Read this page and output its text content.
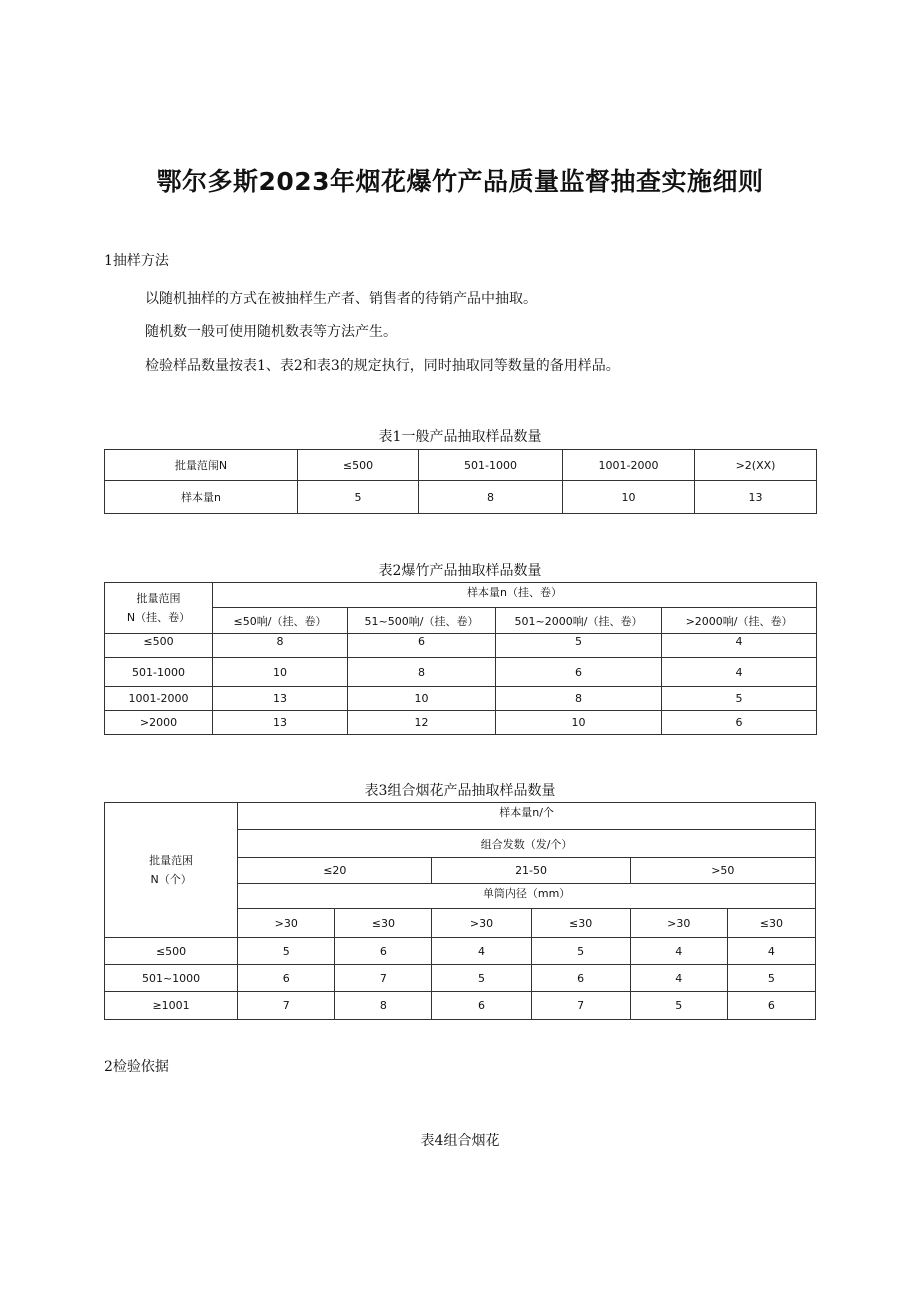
鄂尔多斯2023年烟花爆竹产品质量监督抽查实施细则
1抽样方法
以随机抽样的方式在被抽样生产者、销售者的待销产品中抽取。
随机数一般可使用随机数表等方法产生。
检验样品数量按表1、表2和表3的规定执行，同时抽取同等数量的备用样品。
表1一般产品抽取样品数量
批量范闱N	≤500	501-1000	1001-2000	>2(XX)
样本量n	5	8	10	13
表2爆竹产品抽取样品数量
批量范围
N（挂、卷）	样本量n（挂、卷）			
	≤50响/（挂、卷）	51~500响/（挂、卷）	501~2000响/（挂、卷）	>2000响/（挂、卷）
≤500	8	6	5	4
501-1000	10	8	6	4
1001-2000	13	10	8	5
>2000	13	12	10	6
表3组合烟花产品抽取样品数量
批量范困
N（个）	样本量n/个					
	组合发数（发/个）					
	≤20		21-50		>50	
	单筒内径（mm）					
	>30	≤30	>30	≤30	>30	≤30
≤500	5	6	4	5	4	4
501~1000	6	7	5	6	4	5
≥1001	7	8	6	7	5	6
2检验依据
表4组合烟花
